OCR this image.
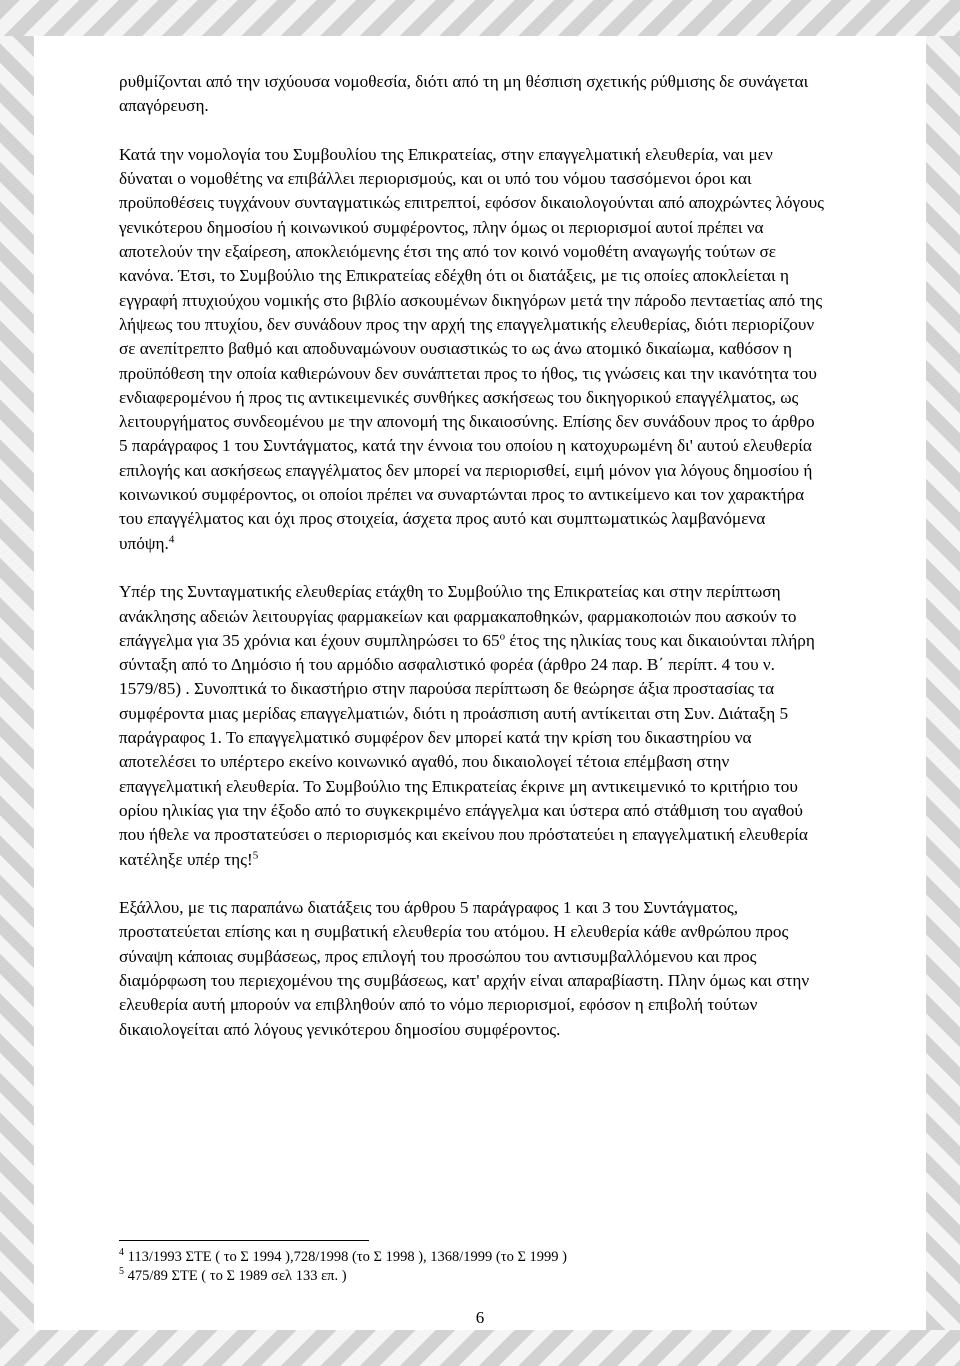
ρυθμίζονται από την ισχύουσα νομοθεσία, διότι από τη μη θέσπιση σχετικής ρύθμισης δε συνάγεται απαγόρευση.

Κατά την νομολογία του Συμβουλίου της Επικρατείας, στην επαγγελματική ελευθερία, ναι μεν δύναται ο νομοθέτης να επιβάλλει περιορισμούς, και οι υπό του νόμου τασσόμενοι όροι και προϋποθέσεις τυγχάνουν συνταγματικώς επιτρεπτοί, εφόσον δικαιολογούνται από αποχρώντες λόγους γενικότερου δημοσίου ή κοινωνικού συμφέροντος, πλην όμως οι περιορισμοί αυτοί πρέπει να αποτελούν την εξαίρεση, αποκλειόμενης έτσι της από τον κοινό νομοθέτη αναγωγής τούτων σε κανόνα. Έτσι, το Συμβούλιο της Επικρατείας εδέχθη ότι οι διατάξεις, με τις οποίες αποκλείεται η εγγραφή πτυχιούχου νομικής στο βιβλίο ασκουμένων δικηγόρων μετά την πάροδο πενταετίας από της λήψεως του πτυχίου, δεν συνάδουν προς την αρχή της επαγγελματικής ελευθερίας, διότι περιορίζουν σε ανεπίτρεπτο βαθμό και αποδυναμώνουν ουσιαστικώς το ως άνω ατομικό δικαίωμα, καθόσον η προϋπόθεση την οποία καθιερώνουν δεν συνάπτεται προς το ήθος, τις γνώσεις και την ικανότητα του ενδιαφερομένου ή προς τις αντικειμενικές συνθήκες ασκήσεως του δικηγορικού επαγγέλματος, ως λειτουργήματος συνδεομένου με την απονομή της δικαιοσύνης. Επίσης δεν συνάδουν προς το άρθρο 5 παράγραφος 1 του Συντάγματος, κατά την έννοια του οποίου η κατοχυρωμένη δι' αυτού ελευθερία επιλογής και ασκήσεως επαγγέλματος δεν μπορεί να περιορισθεί, ειμή μόνον για λόγους δημοσίου ή κοινωνικού συμφέροντος, οι οποίοι πρέπει να συναρτώνται προς το αντικείμενο και τον χαρακτήρα του επαγγέλματος και όχι προς στοιχεία, άσχετα προς αυτό και συμπτωματικώς λαμβανόμενα υπόψη.$^4$

Υπέρ της Συνταγματικής ελευθερίας ετάχθη το Συμβούλιο της Επικρατείας και στην περίπτωση ανάκλησης αδειών λειτουργίας φαρμακείων και φαρμακαποθηκών, φαρμακοποιών που ασκούν το επάγγελμα για 35 χρόνια και έχουν συμπληρώσει το $65^o$ έτος της ηλικίας τους και δικαιούνται πλήρη σύνταξη από το Δημόσιο ή του αρμόδιο ασφαλιστικό φορέα (άρθρο 24 παρ. Β΄ περίπτ. 4 του ν. 1579/85) . Συνοπτικά το δικαστήριο στην παρούσα περίπτωση δε θεώρησε άξια προστασίας τα συμφέροντα μιας μερίδας επαγγελματιών, διότι η προάσπιση αυτή αντίκειται στη Συν. Διάταξη 5 παράγραφος 1. Το επαγγελματικό συμφέρον δεν μπορεί κατά την κρίση του δικαστηρίου να αποτελέσει το υπέρτερο εκείνο κοινωνικό αγαθό, που δικαιολογεί τέτοια επέμβαση στην επαγγελματική ελευθερία. Το Συμβούλιο της Επικρατείας έκρινε μη αντικειμενικό το κριτήριο του ορίου ηλικίας για την έξοδο από το συγκεκριμένο επάγγελμα και ύστερα από στάθμιση του αγαθού που ήθελε να προστατεύσει ο περιορισμός και εκείνου που πρόστατεύει η επαγγελματική ελευθερία κατέληξε υπέρ της!$^5$

Εξάλλου, με τις παραπάνω διατάξεις του άρθρου 5 παράγραφος 1 και 3 του Συντάγματος, προστατεύεται επίσης και η συμβατική ελευθερία του ατόμου. Η ελευθερία κάθε ανθρώπου προς σύναψη κάποιας συμβάσεως, προς επιλογή του προσώπου του αντισυμβαλλόμενου και προς διαμόρφωση του περιεχομένου της συμβάσεως, κατ' αρχήν είναι απαραβίαστη. Πλην όμως και στην ελευθερία αυτή μπορούν να επιβληθούν από το νόμο περιορισμοί, εφόσον η επιβολή τούτων δικαιολογείται από λόγους γενικότερου δημοσίου συμφέροντος.

$^4$ 113/1993 ΣΤΕ ( το Σ 1994 ),728/1998 (το Σ 1998 ), 1368/1999 (το Σ 1999 )
$^5$ 475/89 ΣΤΕ ( το Σ 1989 σελ 133 επ. )
6
